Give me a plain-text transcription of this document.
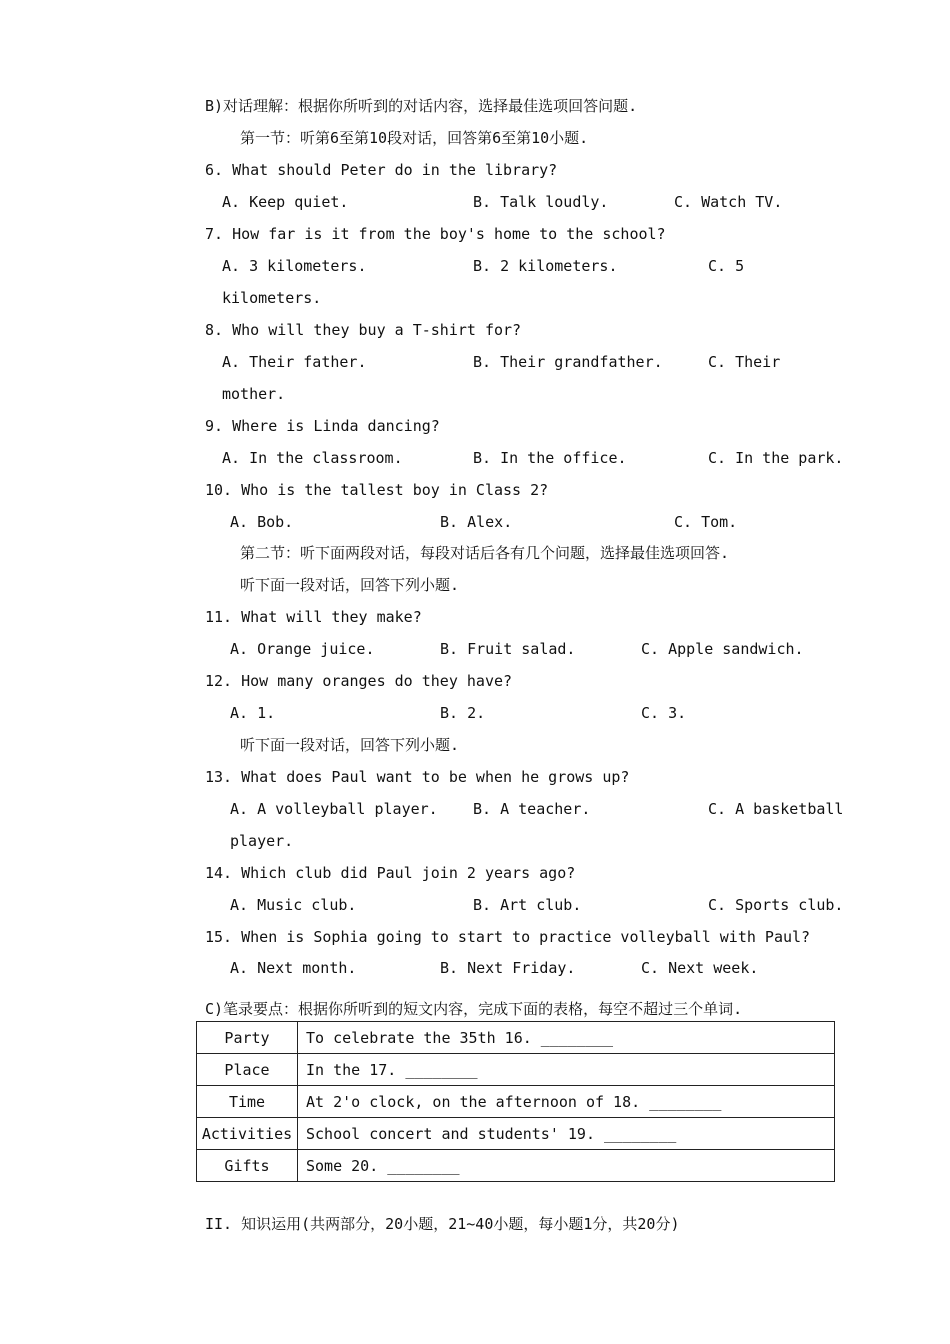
B)对话理解：根据你所听到的对话内容，选择最佳选项回答问题.
第一节：听第6至第10段对话，回答第6至第10小题.
6. What should Peter do in the library?
A. Keep quiet.	B. Talk loudly.	C. Watch TV.
7. How far is it from the boy's home to the school?
A. 3 kilometers.	B. 2 kilometers.	C. 5
kilometers.
8. Who will they buy a T-shirt for?
A. Their father.	B. Their grandfather.	C. Their
mother.
9. Where is Linda dancing?
A. In the classroom.	B. In the office.	C. In the park.
10. Who is the tallest boy in Class 2?
A. Bob.	B. Alex.	C. Tom.
第二节：听下面两段对话，每段对话后各有几个问题，选择最佳选项回答.
听下面一段对话，回答下列小题.
11. What will they make?
A. Orange juice.	B. Fruit salad.	C. Apple sandwich.
12. How many oranges do they have?
A. 1.	B. 2.	C. 3.
听下面一段对话，回答下列小题.
13. What does Paul want to be when he grows up?
A. A volleyball player. B. A teacher.	C. A basketball
player.
14. Which club did Paul join 2 years ago?
A. Music club.	B. Art club.	C. Sports club.
15. When is Sophia going to start to practice volleyball with Paul?
A. Next month.	B. Next Friday.	C. Next week.
C)笔录要点：根据你所听到的短文内容，完成下面的表格，每空不超过三个单词.
Party	To celebrate the 35th 16. ________
Place	In the 17. ________
Time	At 2'o clock, on the afternoon of 18. ________
Activities	School concert and students' 19. ________
Gifts	Some 20. ________
II. 知识运用(共两部分，20小题，21~40小题，每小题1分，共20分)
